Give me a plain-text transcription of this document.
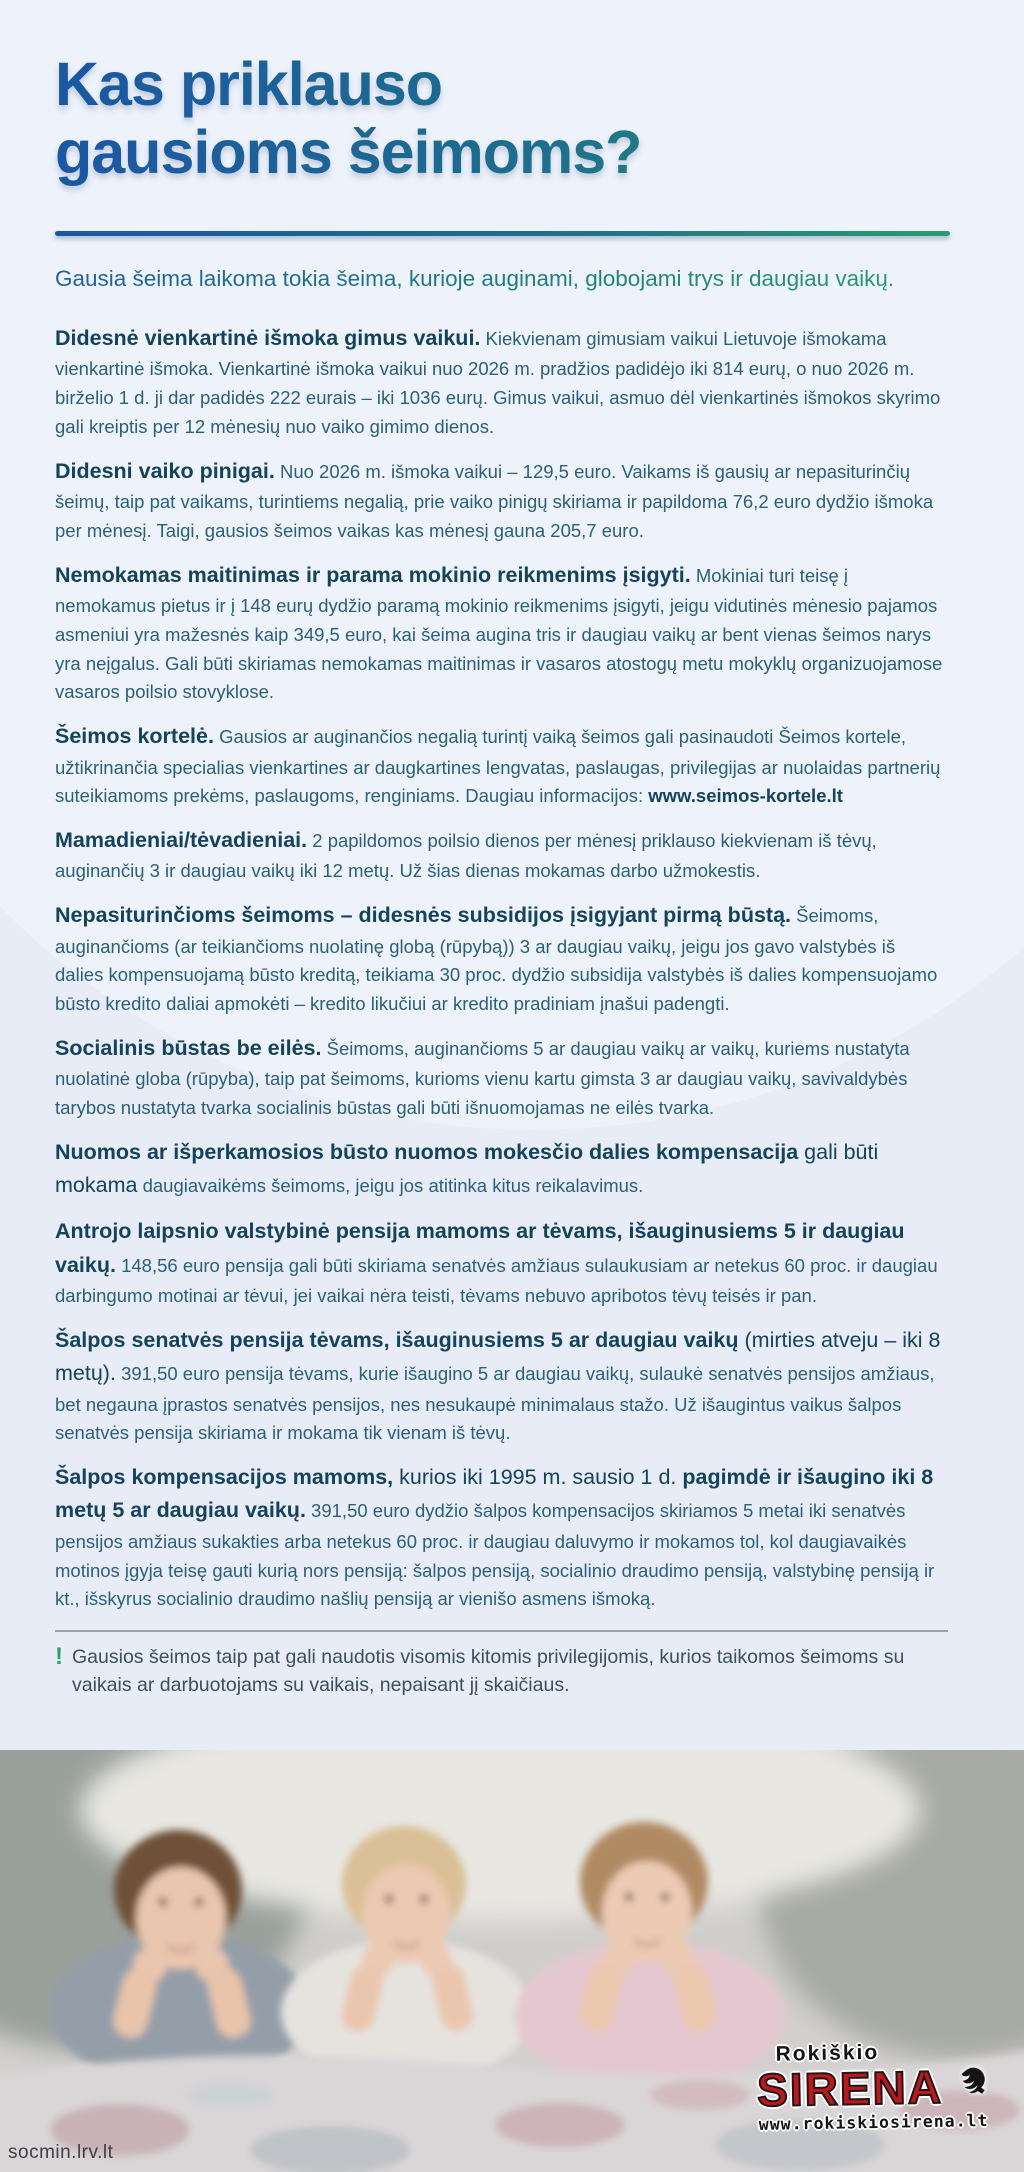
Kas priklauso
gausioms šeimoms?
Gausia šeima laikoma tokia šeima, kurioje auginami, globojami trys ir daugiau vaikų.

Didesnė vienkartinė išmoka gimus vaikui. Kiekvienam gimusiam vaikui Lietuvoje išmokama vienkartinė išmoka. Vienkartinė išmoka vaikui nuo 2026 m. pradžios padidėjo iki 814 eurų, o nuo 2026 m. birželio 1 d. ji dar padidės 222 eurais – iki 1036 eurų. Gimus vaikui, asmuo dėl vienkartinės išmokos skyrimo gali kreiptis per 12 mėnesių nuo vaiko gimimo dienos.

Didesni vaiko pinigai. Nuo 2026 m. išmoka vaikui – 129,5 euro. Vaikams iš gausių ar nepasiturinčių šeimų, taip pat vaikams, turintiems negalią, prie vaiko pinigų skiriama ir papildoma 76,2 euro dydžio išmoka per mėnesį. Taigi, gausios šeimos vaikas kas mėnesį gauna 205,7 euro.

Nemokamas maitinimas ir parama mokinio reikmenims įsigyti. Mokiniai turi teisę į nemokamus pietus ir į 148 eurų dydžio paramą mokinio reikmenims įsigyti, jeigu vidutinės mėnesio pajamos asmeniui yra mažesnės kaip 349,5 euro, kai šeima augina tris ir daugiau vaikų ar bent vienas šeimos narys yra neįgalus. Gali būti skiriamas nemokamas maitinimas ir vasaros atostogų metu mokyklų organizuojamose vasaros poilsio stovyklose.

Šeimos kortelė. Gausios ar auginančios negalią turintį vaiką šeimos gali pasinaudoti Šeimos kortele, užtikrinančia specialias vienkartines ar daugkartines lengvatas, paslaugas, privilegijas ar nuolaidas partnerių suteikiamoms prekėms, paslaugoms, renginiams. Daugiau informacijos: www.seimos-kortele.lt

Mamadieniai/tėvadieniai. 2 papildomos poilsio dienos per mėnesį priklauso kiekvienam iš tėvų, auginančių 3 ir daugiau vaikų iki 12 metų. Už šias dienas mokamas darbo užmokestis.

Nepasiturinčioms šeimoms – didesnės subsidijos įsigyjant pirmą būstą. Šeimoms, auginančioms (ar teikiančioms nuolatinę globą (rūpybą)) 3 ar daugiau vaikų, jeigu jos gavo valstybės iš dalies kompensuojamą būsto kreditą, teikiama 30 proc. dydžio subsidija valstybės iš dalies kompensuojamo būsto kredito daliai apmokėti – kredito likučiui ar kredito pradiniam įnašui padengti.

Socialinis būstas be eilės. Šeimoms, auginančioms 5 ar daugiau vaikų ar vaikų, kuriems nustatyta nuolatinė globa (rūpyba), taip pat šeimoms, kurioms vienu kartu gimsta 3 ar daugiau vaikų, savivaldybės tarybos nustatyta tvarka socialinis būstas gali būti išnuomojamas ne eilės tvarka.

Nuomos ar išperkamosios būsto nuomos mokesčio dalies kompensacija gali būti mokama daugiavaikėms šeimoms, jeigu jos atitinka kitus reikalavimus.

Antrojo laipsnio valstybinė pensija mamoms ar tėvams, išauginusiems 5 ir daugiau vaikų. 148,56 euro pensija gali būti skiriama senatvės amžiaus sulaukusiam ar netekus 60 proc. ir daugiau darbingumo motinai ar tėvui, jei vaikai nėra teisti, tėvams nebuvo apribotos tėvų teisės ir pan.

Šalpos senatvės pensija tėvams, išauginusiems 5 ar daugiau vaikų (mirties atveju – iki 8 metų). 391,50 euro pensija tėvams, kurie išaugino 5 ar daugiau vaikų, sulaukė senatvės pensijos amžiaus, bet negauna įprastos senatvės pensijos, nes nesukaupė minimalaus stažo. Už išaugintus vaikus šalpos senatvės pensija skiriama ir mokama tik vienam iš tėvų.

Šalpos kompensacijos mamoms, kurios iki 1995 m. sausio 1 d. pagimdė ir išaugino iki 8 metų 5 ar daugiau vaikų. 391,50 euro dydžio šalpos kompensacijos skiriamos 5 metai iki senatvės pensijos amžiaus sukakties arba netekus 60 proc. ir daugiau daluvymo ir mokamos tol, kol daugiavaikės motinos įgyja teisę gauti kurią nors pensiją: šalpos pensiją, socialinio draudimo pensiją, valstybinę pensiją ir kt., išskyrus socialinio draudimo našlių pensiją ar vienišo asmens išmoką.

! Gausios šeimos taip pat gali naudotis visomis kitomis privilegijomis, kurios taikomos šeimoms su vaikais ar darbuotojams su vaikais, nepaisant jį skaičiaus.
Rokiškio
SIRENA
www.rokiskiosirena.lt
socmin.lrv.lt
